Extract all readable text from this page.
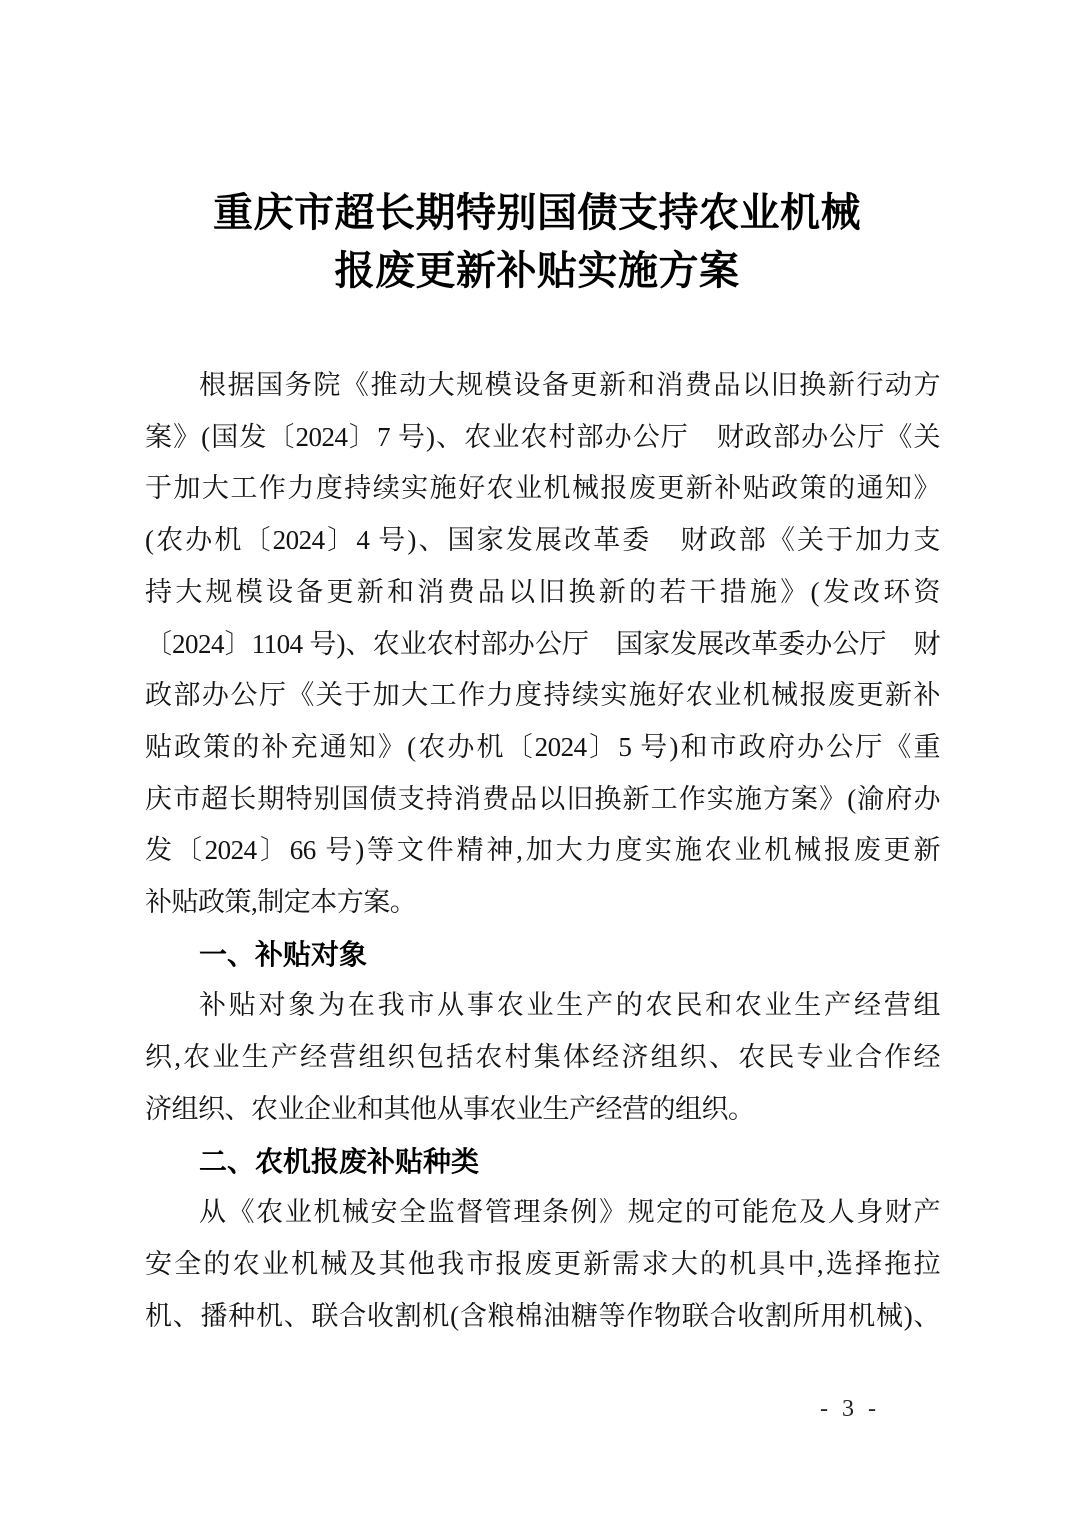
重庆市超长期特别国债支持农业机械
报废更新补贴实施方案
根据国务院《推动大规模设备更新和消费品以旧换新行动方
案》(国发〔2024〕7 号)、农业农村部办公厅　财政部办公厅《关
于加大工作力度持续实施好农业机械报废更新补贴政策的通知》
(农办机〔2024〕4 号)、国家发展改革委　财政部《关于加力支
持大规模设备更新和消费品以旧换新的若干措施》(发改环资
〔2024〕1104 号)、农业农村部办公厅　国家发展改革委办公厅　财
政部办公厅《关于加大工作力度持续实施好农业机械报废更新补
贴政策的补充通知》(农办机〔2024〕5 号)和市政府办公厅《重
庆市超长期特别国债支持消费品以旧换新工作实施方案》(渝府办
发〔2024〕66 号)等文件精神,加大力度实施农业机械报废更新
补贴政策,制定本方案。
一、补贴对象
补贴对象为在我市从事农业生产的农民和农业生产经营组
织,农业生产经营组织包括农村集体经济组织、农民专业合作经
济组织、农业企业和其他从事农业生产经营的组织。
二、农机报废补贴种类
从《农业机械安全监督管理条例》规定的可能危及人身财产
安全的农业机械及其他我市报废更新需求大的机具中,选择拖拉
机、播种机、联合收割机(含粮棉油糖等作物联合收割所用机械)、
- 3 -
